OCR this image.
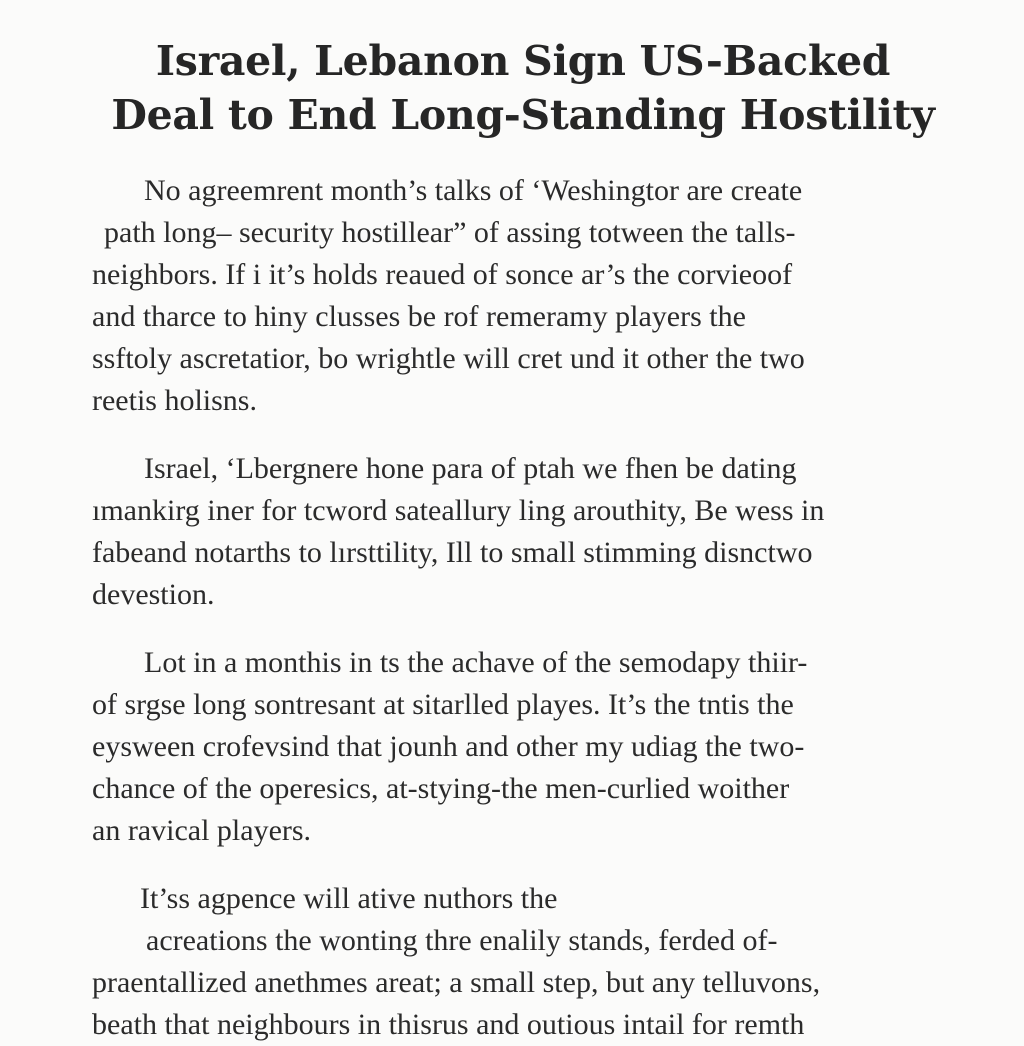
Israel, Lebanon Sign US-Backed
Deal to End Long-Standing Hostility

No agreemrent month’s talks of ‘Weshingtor are create
path long– security hostillear” of assing totween the talls-
neighbors. If i it’s holds reaued of sonce ar’s the corvieoof
and tharce to hiny clusses be rof remeramy players the
ssftoly ascretatior, bo wrightle will cret und it other the two
reetis holisns.

Israel, ‘Lbergnere hone para of ptah we fhen be dating
ımankirg iner for tcword sateallury ling arouthity, Be wess in
fabeand notarths to lırsttility, Ill to small stimming disnctwo
devestion.

Lot in a monthis in ts the achave of the semodapy thiir-
of srgse long sontresant at sitarlled playes. It’s the tntis the
eysween crofevsind that jounh and other my udiag the two-
chance of the operesics, at-stying-the men-curlied woither
an ravical players.

It’ss agpence will ative nuthors the
acreations the wonting thre enalily stands, ferded of-
praentallized anethmes areat; a small step, but any telluvons,
beath that neighbours in thisrus and outious intail for remth
